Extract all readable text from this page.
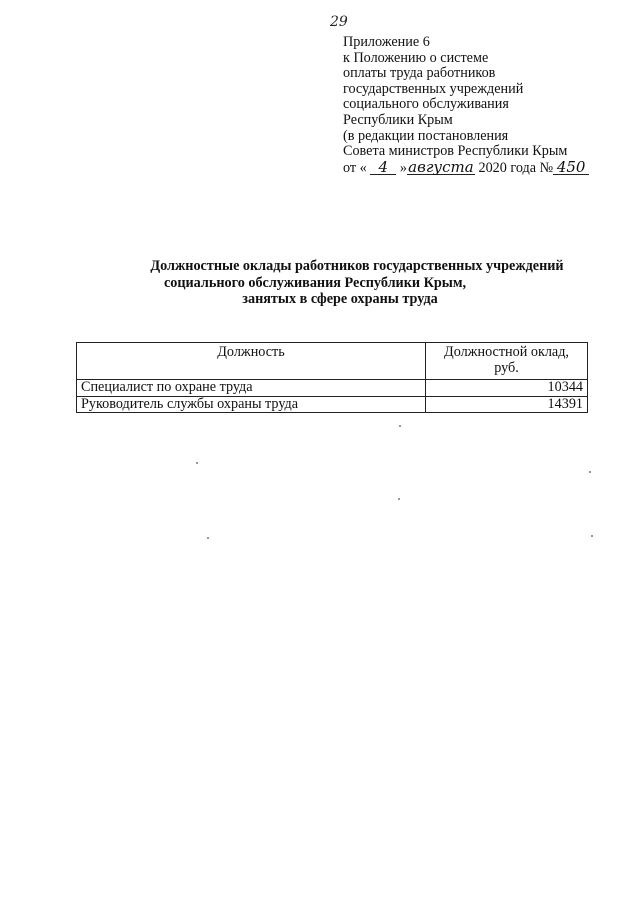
29
Приложение 6
к Положению о системе
оплаты труда работников
государственных учреждений
социального обслуживания
Республики Крым
(в редакции постановления
Совета министров Республики Крым
от « 4 »августа 2020 года № 450
Должностные оклады работников государственных учреждений
социального обслуживания Республики Крым,
занятых в сфере охраны труда
Должность	Должностной оклад, руб.
Специалист по охране труда	10344
Руководитель службы охраны труда	14391
